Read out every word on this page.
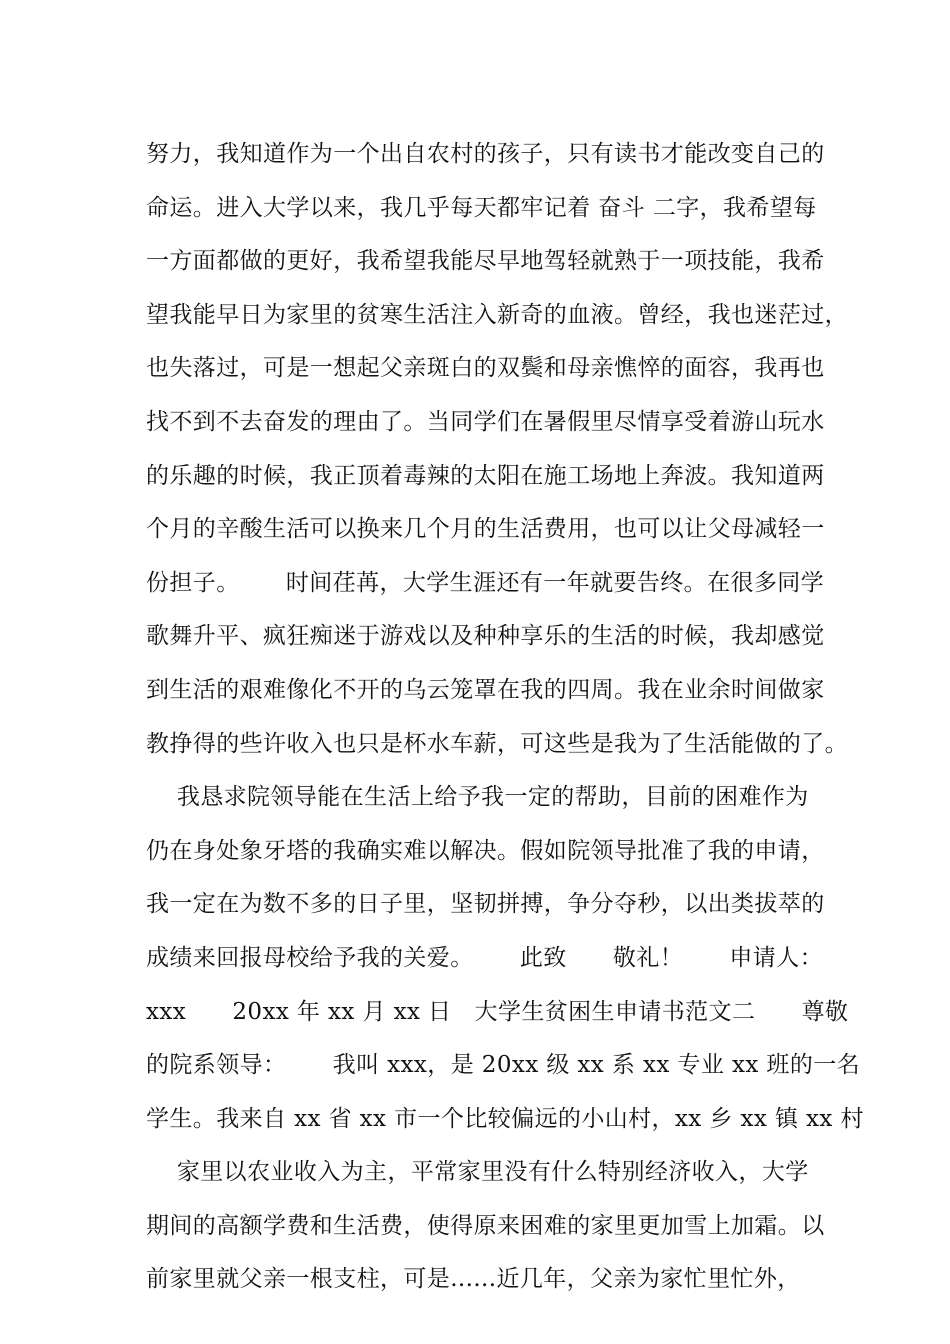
努力，我知道作为一个出自农村的孩子，只有读书才能改变自己的
命运。进入大学以来，我几乎每天都牢记着 奋斗 二字，我希望每
一方面都做的更好，我希望我能尽早地驾轻就熟于一项技能，我希
望我能早日为家里的贫寒生活注入新奇的血液。曾经，我也迷茫过，
也失落过，可是一想起父亲斑白的双鬓和母亲憔悴的面容，我再也
找不到不去奋发的理由了。当同学们在暑假里尽情享受着游山玩水
的乐趣的时候，我正顶着毒辣的太阳在施工场地上奔波。我知道两
个月的辛酸生活可以换来几个月的生活费用，也可以让父母减轻一
份担子。      时间荏苒，大学生涯还有一年就要告终。在很多同学
歌舞升平、疯狂痴迷于游戏以及种种享乐的生活的时候，我却感觉
到生活的艰难像化不开的乌云笼罩在我的四周。我在业余时间做家
教挣得的些许收入也只是杯水车薪，可这些是我为了生活能做的了。
我恳求院领导能在生活上给予我一定的帮助，目前的困难作为
仍在身处象牙塔的我确实难以解决。假如院领导批准了我的申请，
我一定在为数不多的日子里，坚韧拼搏，争分夺秒，以出类拔萃的
成绩来回报母校给予我的关爱。      此致      敬礼！      申请人：
xxx      20xx 年 xx 月 xx 日   大学生贫困生申请书范文二      尊敬
的院系领导：      我叫 xxx，是 20xx 级 xx 系 xx 专业 xx 班的一名
学生。我来自 xx 省 xx 市一个比较偏远的小山村，xx 乡 xx 镇 xx 村
家里以农业收入为主，平常家里没有什么特别经济收入，大学
期间的高额学费和生活费，使得原来困难的家里更加雪上加霜。以
前家里就父亲一根支柱，可是......近几年，父亲为家忙里忙外，
